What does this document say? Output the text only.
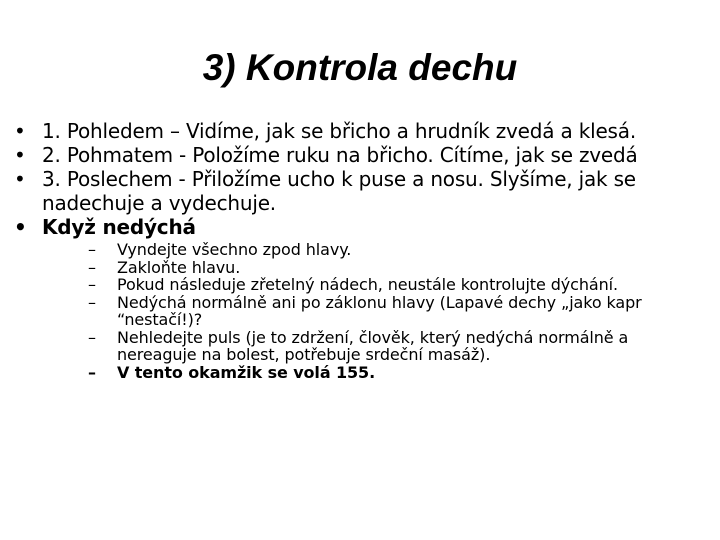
3) Kontrola dechu
• 1. Pohledem – Vidíme, jak se břicho a hrudník zvedá a klesá.
• 2. Pohmatem - Položíme ruku na břicho. Cítíme, jak se zvedá
• 3. Poslechem - Přiložíme ucho k puse a nosu. Slyšíme, jak se nadechuje a vydechuje.
• Když nedýchá
– Vyndejte všechno zpod hlavy.
– Zakloňte hlavu.
– Pokud následuje zřetelný nádech, neustále kontrolujte dýchání.
– Nedýchá normálně ani po záklonu hlavy (Lapavé dechy „jako kapr “nestačí!)?
– Nehledejte puls (je to zdržení, člověk, který nedýchá normálně a nereaguje na bolest, potřebuje srdeční masáž).
– V tento okamžik se volá 155.
